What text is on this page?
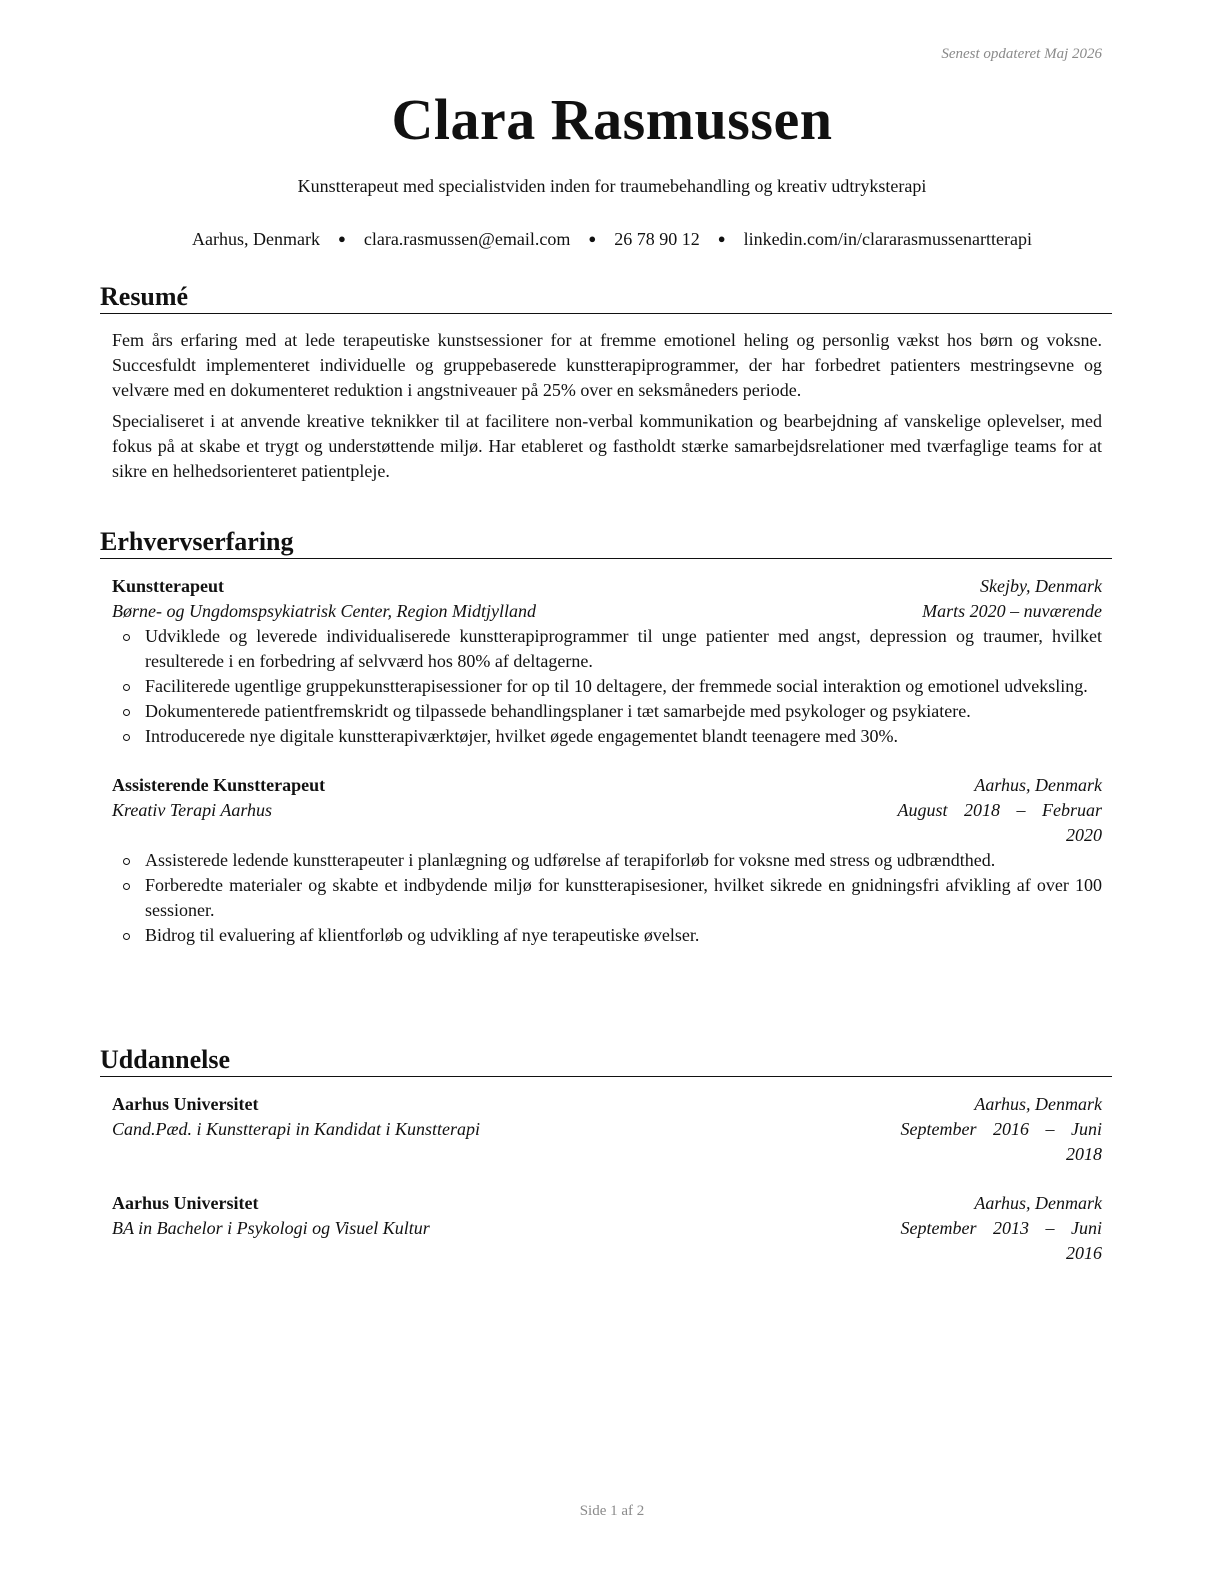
Senest opdateret Maj 2026
Clara Rasmussen
Kunstterapeut med specialistviden inden for traumebehandling og kreativ udtryksterapi
Aarhus, Denmark ● clara.rasmussen@email.com ● 26 78 90 12 ● linkedin.com/in/clararasmussenartterapi
Resumé

Fem års erfaring med at lede terapeutiske kunstsessioner for at fremme emotionel heling og personlig vækst hos børn og voksne. Succesfuldt implementeret individuelle og gruppebaserede kunstterapiprogrammer, der har forbedret patienters mestringsevne og velvære med en dokumenteret reduktion i angstniveauer på 25% over en seksmåneders periode.

Specialiseret i at anvende kreative teknikker til at facilitere non-verbal kommunikation og bearbejdning af vanskelige oplevelser, med fokus på at skabe et trygt og understøttende miljø. Har etableret og fastholdt stærke samarbejdsrelationer med tværfaglige teams for at sikre en helhedsorienteret patientpleje.

Erhvervserfaring
Kunstterapeut	Skejby, Denmark
Børne- og Ungdomspsykiatrisk Center, Region Midtjylland	Marts 2020 – nuværende
Udviklede og leverede individualiserede kunstterapiprogrammer til unge patienter med angst, depression og traumer, hvilket resulterede i en forbedring af selvværd hos 80% af deltagerne.
Faciliterede ugentlige gruppekunstterapisessioner for op til 10 deltagere, der fremmede social interaktion og emotionel udveksling.
Dokumenterede patientfremskridt og tilpassede behandlingsplaner i tæt samarbejde med psykologer og psykiatere.
Introducerede nye digitale kunstterapiværktøjer, hvilket øgede engagementet blandt teenagere med 30%.
Assisterende Kunstterapeut	Aarhus, Denmark
Kreativ Terapi Aarhus	August 2018 – Februar 2020
Assisterede ledende kunstterapeuter i planlægning og udførelse af terapiforløb for voksne med stress og udbrændthed.
Forberedte materialer og skabte et indbydende miljø for kunstterapisesioner, hvilket sikrede en gnidningsfri afvikling af over 100 sessioner.
Bidrog til evaluering af klientforløb og udvikling af nye terapeutiske øvelser.
Uddannelse
Aarhus Universitet	Aarhus, Denmark
Cand.Pæd. i Kunstterapi in Kandidat i Kunstterapi	September 2016 – Juni 2018
Aarhus Universitet	Aarhus, Denmark
BA in Bachelor i Psykologi og Visuel Kultur	September 2013 – Juni 2016
Side 1 af 2
